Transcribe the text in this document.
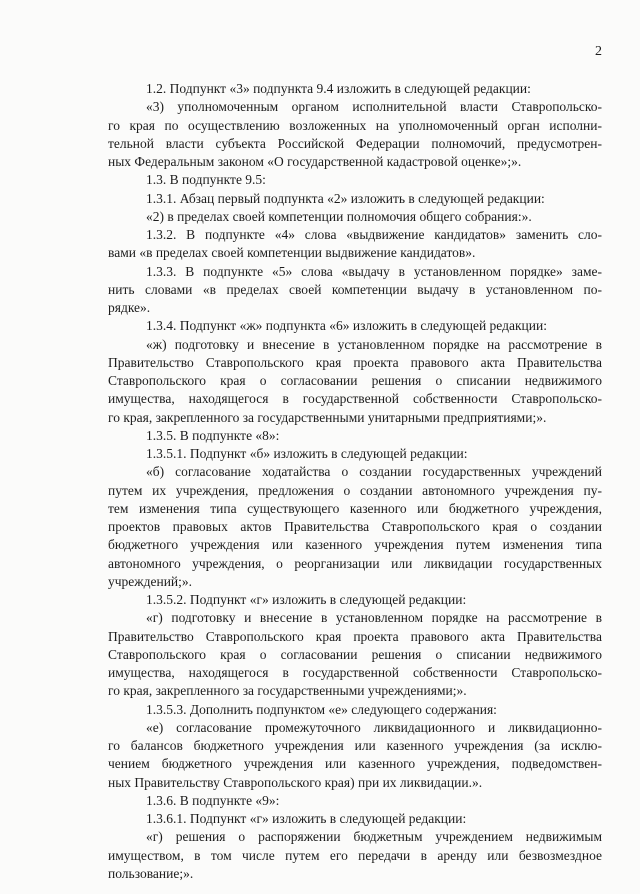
2
1.2. Подпункт «3» подпункта 9.4 изложить в следующей редакции:
«3) уполномоченным органом исполнительной власти Ставропольско-
го края по осуществлению возложенных на уполномоченный орган исполни-
тельной власти субъекта Российской Федерации полномочий, предусмотрен-
ных Федеральным законом «О государственной кадастровой оценке»;».
1.3. В подпункте 9.5:
1.3.1. Абзац первый подпункта «2» изложить в следующей редакции:
«2) в пределах своей компетенции полномочия общего собрания:».
1.3.2. В подпункте «4» слова «выдвижение кандидатов» заменить сло-
вами «в пределах своей компетенции выдвижение кандидатов».
1.3.3. В подпункте «5» слова «выдачу в установленном порядке» заме-
нить словами «в пределах своей компетенции выдачу в установленном по-
рядке».
1.3.4. Подпункт «ж» подпункта «6» изложить в следующей редакции:
«ж) подготовку и внесение в установленном порядке на рассмотрение в
Правительство Ставропольского края проекта правового акта Правительства
Ставропольского края о согласовании решения о списании недвижимого
имущества, находящегося в государственной собственности Ставропольско-
го края, закрепленного за государственными унитарными предприятиями;».
1.3.5. В подпункте «8»:
1.3.5.1. Подпункт «б» изложить в следующей редакции:
«б) согласование ходатайства о создании государственных учреждений
путем их учреждения, предложения о создании автономного учреждения пу-
тем изменения типа существующего казенного или бюджетного учреждения,
проектов правовых актов Правительства Ставропольского края о создании
бюджетного учреждения или казенного учреждения путем изменения типа
автономного учреждения, о реорганизации или ликвидации государственных
учреждений;».
1.3.5.2. Подпункт «г» изложить в следующей редакции:
«г) подготовку и внесение в установленном порядке на рассмотрение в
Правительство Ставропольского края проекта правового акта Правительства
Ставропольского края о согласовании решения о списании недвижимого
имущества, находящегося в государственной собственности Ставропольско-
го края, закрепленного за государственными учреждениями;».
1.3.5.3. Дополнить подпунктом «е» следующего содержания:
«е) согласование промежуточного ликвидационного и ликвидационно-
го балансов бюджетного учреждения или казенного учреждения (за исклю-
чением бюджетного учреждения или казенного учреждения, подведомствен-
ных Правительству Ставропольского края) при их ликвидации.».
1.3.6. В подпункте «9»:
1.3.6.1. Подпункт «г» изложить в следующей редакции:
«г) решения о распоряжении бюджетным учреждением недвижимым
имуществом, в том числе путем его передачи в аренду или безвозмездное
пользование;».
